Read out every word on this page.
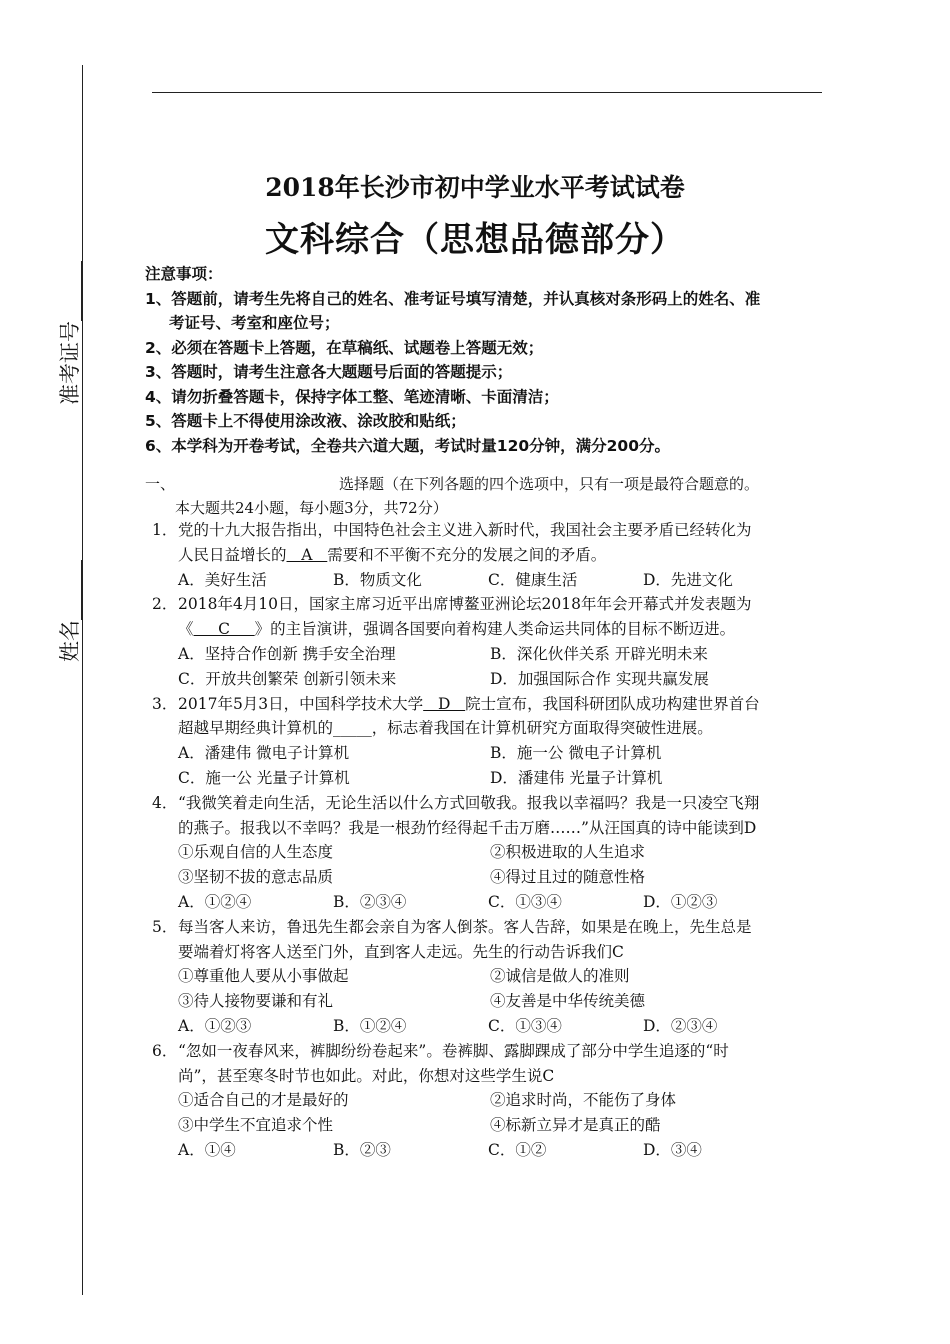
准考证号
姓名
2018年长沙市初中学业水平考试试卷
文科综合（思想品德部分）
注意事项：
1、答题前，请考生先将自己的姓名、准考证号填写清楚，并认真核对条形码上的姓名、准
考证号、考室和座位号；
2、必须在答题卡上答题，在草稿纸、试题卷上答题无效；
3、答题时，请考生注意各大题题号后面的答题提示；
4、请勿折叠答题卡，保持字体工整、笔迹清晰、卡面清洁；
5、答题卡上不得使用涂改液、涂改胶和贴纸；
6、本学科为开卷考试，全卷共六道大题，考试时量120分钟，满分200分。
一、	选择题（在下列各题的四个选项中，只有一项是最符合题意的。
本大题共24小题，每小题3分，共72分）
1．党的十九大报告指出，中国特色社会主义进入新时代，我国社会主要矛盾已经转化为
人民日益增长的   A   需要和不平衡不充分的发展之间的矛盾。
A．美好生活	B．物质文化	C．健康生活	D．先进文化
2．2018年4月10日，国家主席习近平出席博鳌亚洲论坛2018年年会开幕式并发表题为
《     C     》的主旨演讲，强调各国要向着构建人类命运共同体的目标不断迈进。
A．坚持合作创新 携手安全治理	B．深化伙伴关系 开辟光明未来
C．开放共创繁荣 创新引领未来	D．加强国际合作 实现共赢发展
3．2017年5月3日，中国科学技术大学   D   院士宣布，我国科研团队成功构建世界首台
超越早期经典计算机的_____，标志着我国在计算机研究方面取得突破性进展。
A．潘建伟 微电子计算机	B．施一公 微电子计算机
C．施一公 光量子计算机	D．潘建伟 光量子计算机
4．“我微笑着走向生活，无论生活以什么方式回敬我。报我以幸福吗？我是一只凌空飞翔
的燕子。报我以不幸吗？我是一根劲竹经得起千击万磨……”从汪国真的诗中能读到D
①乐观自信的人生态度	②积极进取的人生追求
③坚韧不拔的意志品质	④得过且过的随意性格
A．①②④	B．②③④	C．①③④	D．①②③
5．每当客人来访，鲁迅先生都会亲自为客人倒茶。客人告辞，如果是在晚上，先生总是
要端着灯将客人送至门外，直到客人走远。先生的行动告诉我们C
①尊重他人要从小事做起	②诚信是做人的准则
③待人接物要谦和有礼	④友善是中华传统美德
A．①②③	B．①②④	C．①③④	D．②③④
6．“忽如一夜春风来，裤脚纷纷卷起来”。卷裤脚、露脚踝成了部分中学生追逐的“时
尚”，甚至寒冬时节也如此。对此，你想对这些学生说C
①适合自己的才是最好的	②追求时尚，不能伤了身体
③中学生不宜追求个性	④标新立异才是真正的酷
A．①④	B．②③	C．①②	D．③④
